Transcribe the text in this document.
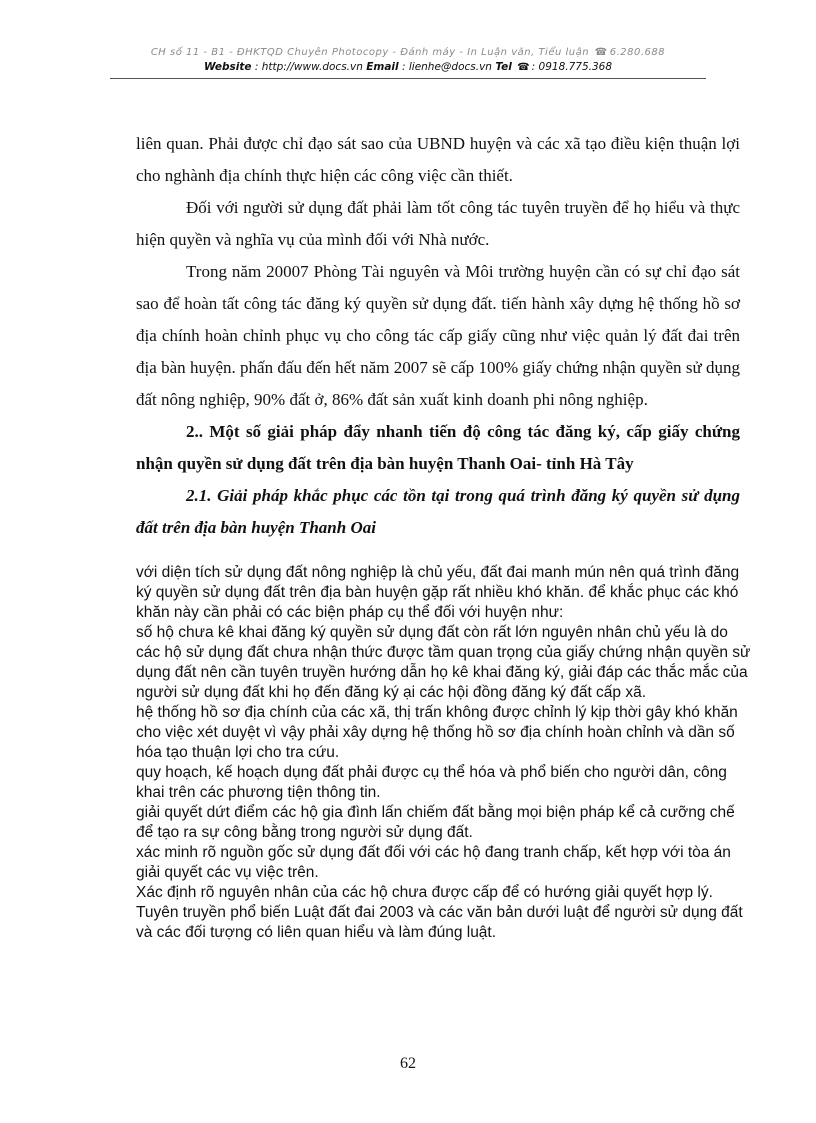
CH số 11 - B1 - ĐHKTQD Chuyên Photocopy - Đánh máy - In Luận văn, Tiểu luận ☎ 6.280.688
Website : http://www.docs.vn Email : lienhe@docs.vn Tel ☎ : 0918.775.368

liên quan. Phải được chỉ đạo sát sao của UBND huyện và các xã tạo điều kiện thuận lợi cho nghành địa chính thực hiện các công việc cần thiết.

Đối với người sử dụng đất phải làm tốt công tác tuyên truyền để họ hiểu và thực hiện quyền và nghĩa vụ của mình đối với Nhà nước.

Trong năm 20007 Phòng Tài nguyên và Môi trường huyện cần có sự chỉ đạo sát sao để hoàn tất công tác đăng ký quyền sử dụng đất. tiến hành xây dựng hệ thống hồ sơ địa chính hoàn chỉnh phục vụ cho công tác cấp giấy cũng như việc quản lý đất đai trên địa bàn huyện. phấn đấu đến hết năm 2007 sẽ cấp 100% giấy chứng nhận quyền sử dụng đất nông nghiệp, 90% đất ở, 86% đất sản xuất kinh doanh phi nông nghiệp.

2.. Một số giải pháp đẩy nhanh tiến độ công tác đăng ký, cấp giấy chứng nhận quyền sử dụng đất trên địa bàn huyện Thanh Oai- tỉnh Hà Tây

2.1. Giải pháp khắc phục các tồn tại trong quá trình đăng ký quyền sử dụng đất trên địa bàn huyện Thanh Oai

với diện tích sử dụng đất nông nghiệp là chủ yếu, đất đai manh mún nên quá trình đăng ký quyền sử dụng đất trên địa bàn huyện gặp rất nhiều khó khăn. để khắc phục các khó khăn này cần phải có các biện pháp cụ thể đối với huyện như:

số hộ chưa kê khai đăng ký quyền sử dụng đất còn rất lớn nguyên nhân chủ yếu là do các hộ sử dụng đất chưa nhận thức được tầm quan trọng của giấy chứng nhận quyền sử dụng đất nên cần tuyên truyền hướng dẫn họ kê khai đăng ký, giải đáp các thắc mắc của người sử dụng đất khi họ đến đăng ký ại các hội đồng đăng ký đất cấp xã.

hệ thống hồ sơ địa chính của các xã, thị trấn không được chỉnh lý kịp thời gây khó khăn cho việc xét duyệt vì vậy phải xây dựng hệ thống hồ sơ địa chính hoàn chỉnh và dần số hóa tạo thuận lợi cho tra cứu.

quy hoạch, kế hoạch dụng đất phải được cụ thể hóa và phổ biến cho người dân, công khai trên các phương tiện thông tin.

giải quyết dứt điểm các hộ gia đình lấn chiếm đất bằng mọi biện pháp kể cả cưỡng chế để tạo ra sự công bằng trong người sử dụng đất.

xác minh rõ nguồn gốc sử dụng đất đối với các hộ đang tranh chấp, kết hợp với tòa án giải quyết các vụ việc trên.

Xác định rõ nguyên nhân của các hộ chưa được cấp để có hướng giải quyết hợp lý.

Tuyên truyền phổ biến Luật đất đai 2003 và các văn bản dưới luật để người sử dụng đất và các đối tượng có liên quan hiểu và làm đúng luật.

62
